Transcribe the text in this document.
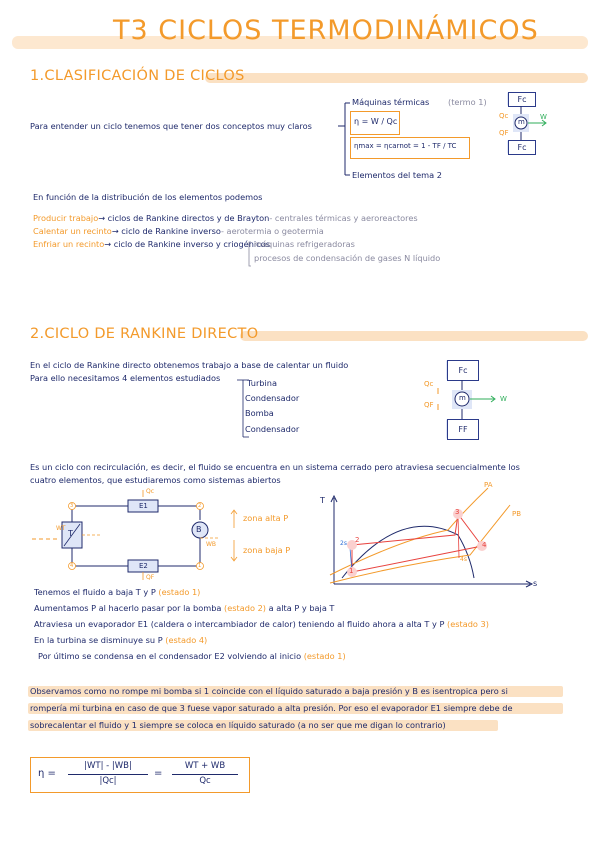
T3 CICLOS TERMODINÁMICOS
1.CLASIFICACIÓN DE CICLOS
Para entender un ciclo tenemos que tener dos conceptos muy claros
Máquinas térmicas (termo 1)
η = W / Qc
ηmax = ηcarnot = 1 - TF / TC
Elementos del tema 2
Fc
Fc
m
Qc
QF
W
En función de la distribución de los elementos podemos
Producir trabajo→ ciclos de Rankine directos y de Brayton- centrales térmicas y aeroreactores
Calentar un recinto→ ciclo de Rankine inverso- aerotermia o geotermia
Enfriar un recinto→ ciclo de Rankine inverso y criogénicos
máquinas refrigeradoras
procesos de condensación de gases N líquido
2.CICLO DE RANKINE DIRECTO
En el ciclo de Rankine directo obtenemos trabajo a base de calentar un fluido
Para ello necesitamos 4 elementos estudiados	Turbina
Condensador
Bomba
Condensador
Fc
FF
m
Qc
QF
W
Es un ciclo con recirculación, es decir, el fluido se encuentra en un sistema cerrado pero atraviesa secuencialmente los
cuatro elementos, que estudiaremos como sistemas abiertos
E1
E2
T	B
Qc
QF
WT
WB
3	2
4	1
zona alta P
zona baja P
T
s
PA
PB
1
2
2s
3
4
4s
Tenemos el fluido a baja T y P (estado 1)
Aumentamos P al hacerlo pasar por la bomba (estado 2) a alta P y baja T
Atraviesa un evaporador E1 (caldera o intercambiador de calor) teniendo al fluido ahora a alta T y P (estado 3)
En la turbina se disminuye su P (estado 4)
Por último se condensa en el condensador E2 volviendo al inicio (estado 1)
Observamos como no rompe mi bomba si 1 coincide con el líquido saturado a baja presión y B es isentropica pero si
rompería mi turbina en caso de que 3 fuese vapor saturado a alta presión. Por eso el evaporador E1 siempre debe de
sobrecalentar el fluido y 1 siempre se coloca en líquido saturado (a no ser que me digan lo contrario)
η =
|WT| - |WB|
|Qc|
=
WT + WB
Qc
